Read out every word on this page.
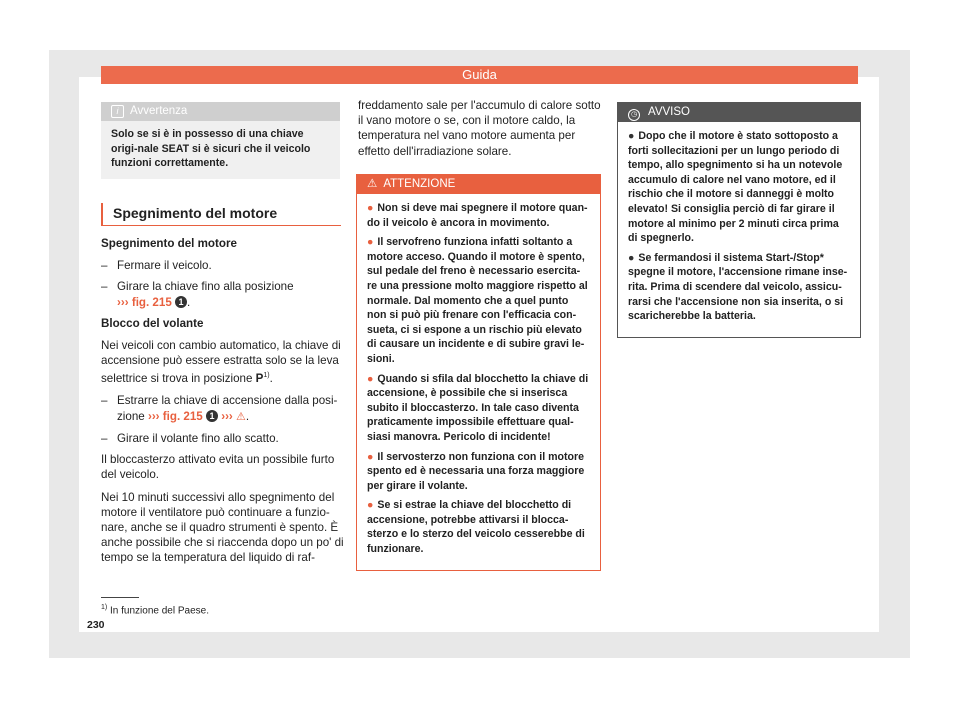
Guida
i Avvertenza
Solo se si è in possesso di una chiave origi-nale SEAT si è sicuri che il veicolo funzioni correttamente.
Spegnimento del motore

Spegnimento del motore

– Fermare il veicolo.
– Girare la chiave fino alla posizione
››› fig. 215 1 .

Blocco del volante

Nei veicoli con cambio automatico, la chiave di accensione può essere estratta solo se la leva selettrice si trova in posizione $P^{1)}$.

– Estrarre la chiave di accensione dalla posi-zione ››› fig. 215 1 ››› ⚠.
– Girare il volante fino allo scatto.

Il bloccasterzo attivato evita un possibile furto del veicolo.

Nei 10 minuti successivi allo spegnimento del motore il ventilatore può continuare a funzio-nare, anche se il quadro strumenti è spento. È anche possibile che si riaccenda dopo un po' di tempo se la temperatura del liquido di raf-

freddamento sale per l'accumulo di calore sotto il vano motore o se, con il motore caldo, la temperatura nel vano motore aumenta per effetto dell'irradiazione solare.

⚠ ATTENZIONE
● Non si deve mai spegnere il motore quan-do il veicolo è ancora in movimento.
● Il servofreno funziona infatti soltanto a motore acceso. Quando il motore è spento, sul pedale del freno è necessario esercita-re una pressione molto maggiore rispetto al normale. Dal momento che a quel punto non si può più frenare con l'efficacia con-sueta, ci si espone a un rischio più elevato di causare un incidente e di subire gravi le-sioni.
● Quando si sfila dal blocchetto la chiave di accensione, è possibile che si inserisca subito il bloccasterzo. In tale caso diventa praticamente impossibile effettuare qual-siasi manovra. Pericolo di incidente!
● Il servosterzo non funziona con il motore spento ed è necessaria una forza maggiore per girare il volante.
● Se si estrae la chiave del blocchetto di accensione, potrebbe attivarsi il blocca-sterzo e lo sterzo del veicolo cesserebbe di funzionare.
◷ AVVISO
● Dopo che il motore è stato sottoposto a forti sollecitazioni per un lungo periodo di tempo, allo spegnimento si ha un notevole accumulo di calore nel vano motore, ed il rischio che il motore si danneggi è molto elevato! Si consiglia perciò di far girare il motore al minimo per 2 minuti circa prima di spegnerlo.
● Se fermandosi il sistema Start-/Stop* spegne il motore, l'accensione rimane inse-rita. Prima di scendere dal veicolo, assicu-rarsi che l'accensione non sia inserita, o si scaricherebbe la batteria.
$^{1)}$ In funzione del Paese.
230
